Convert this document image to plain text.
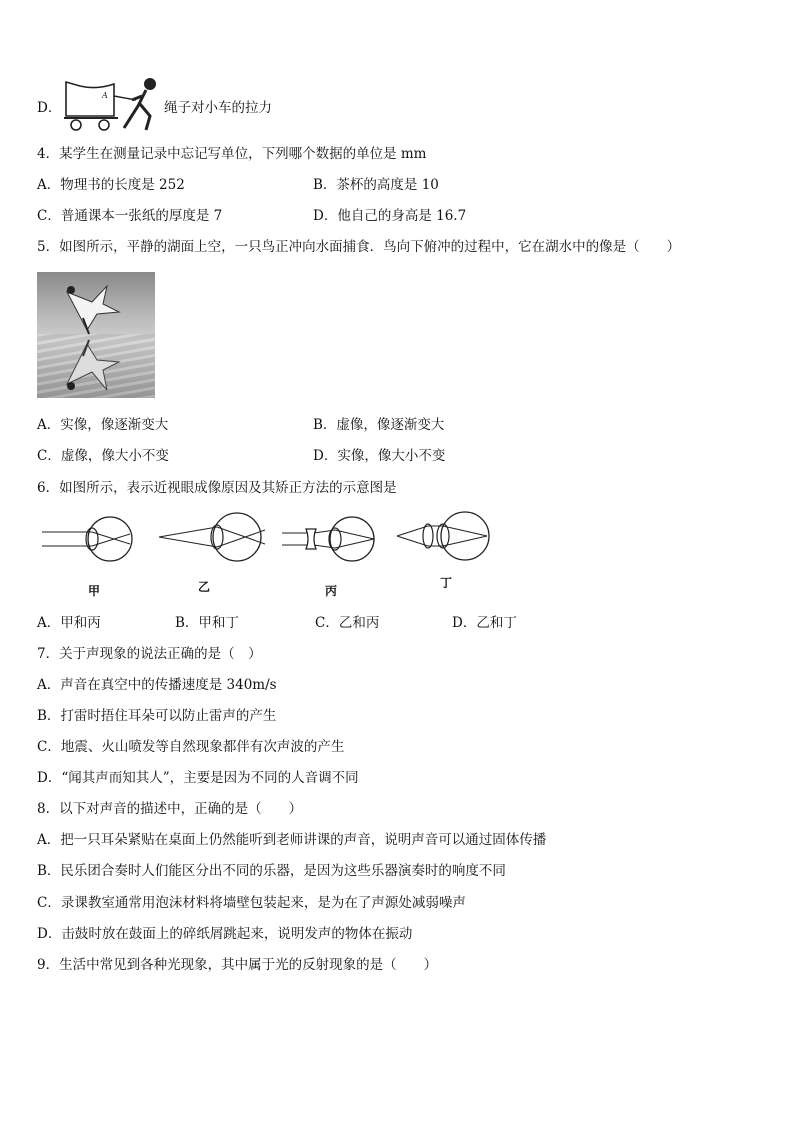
D．
A
绳子对小车的拉力
4．某学生在测量记录中忘记写单位，下列哪个数据的单位是 mm
A．物理书的长度是 252	B．茶杯的高度是 10
C．普通课本一张纸的厚度是 7	D．他自己的身高是 16.7
5．如图所示，平静的湖面上空，一只鸟正冲向水面捕食．鸟向下俯冲的过程中，它在湖水中的像是（　　）
A．实像，像逐渐变大	B．虚像，像逐渐变大
C．虚像，像大小不变	D．实像，像大小不变
6．如图所示，表示近视眼成像原因及其矫正方法的示意图是
甲	乙	丙
丁
A．甲和丙	B．甲和丁	C．乙和丙	D．乙和丁
7．关于声现象的说法正确的是（　）
A．声音在真空中的传播速度是 340m/s
B．打雷时捂住耳朵可以防止雷声的产生
C．地震、火山喷发等自然现象都伴有次声波的产生
D．“闻其声而知其人”，主要是因为不同的人音调不同
8．以下对声音的描述中，正确的是（　　）
A．把一只耳朵紧贴在桌面上仍然能听到老师讲课的声音，说明声音可以通过固体传播
B．民乐团合奏时人们能区分出不同的乐器，是因为这些乐器演奏时的响度不同
C．录课教室通常用泡沫材料将墙壁包装起来，是为在了声源处减弱噪声
D．击鼓时放在鼓面上的碎纸屑跳起来，说明发声的物体在振动
9．生活中常见到各种光现象，其中属于光的反射现象的是（　　）
